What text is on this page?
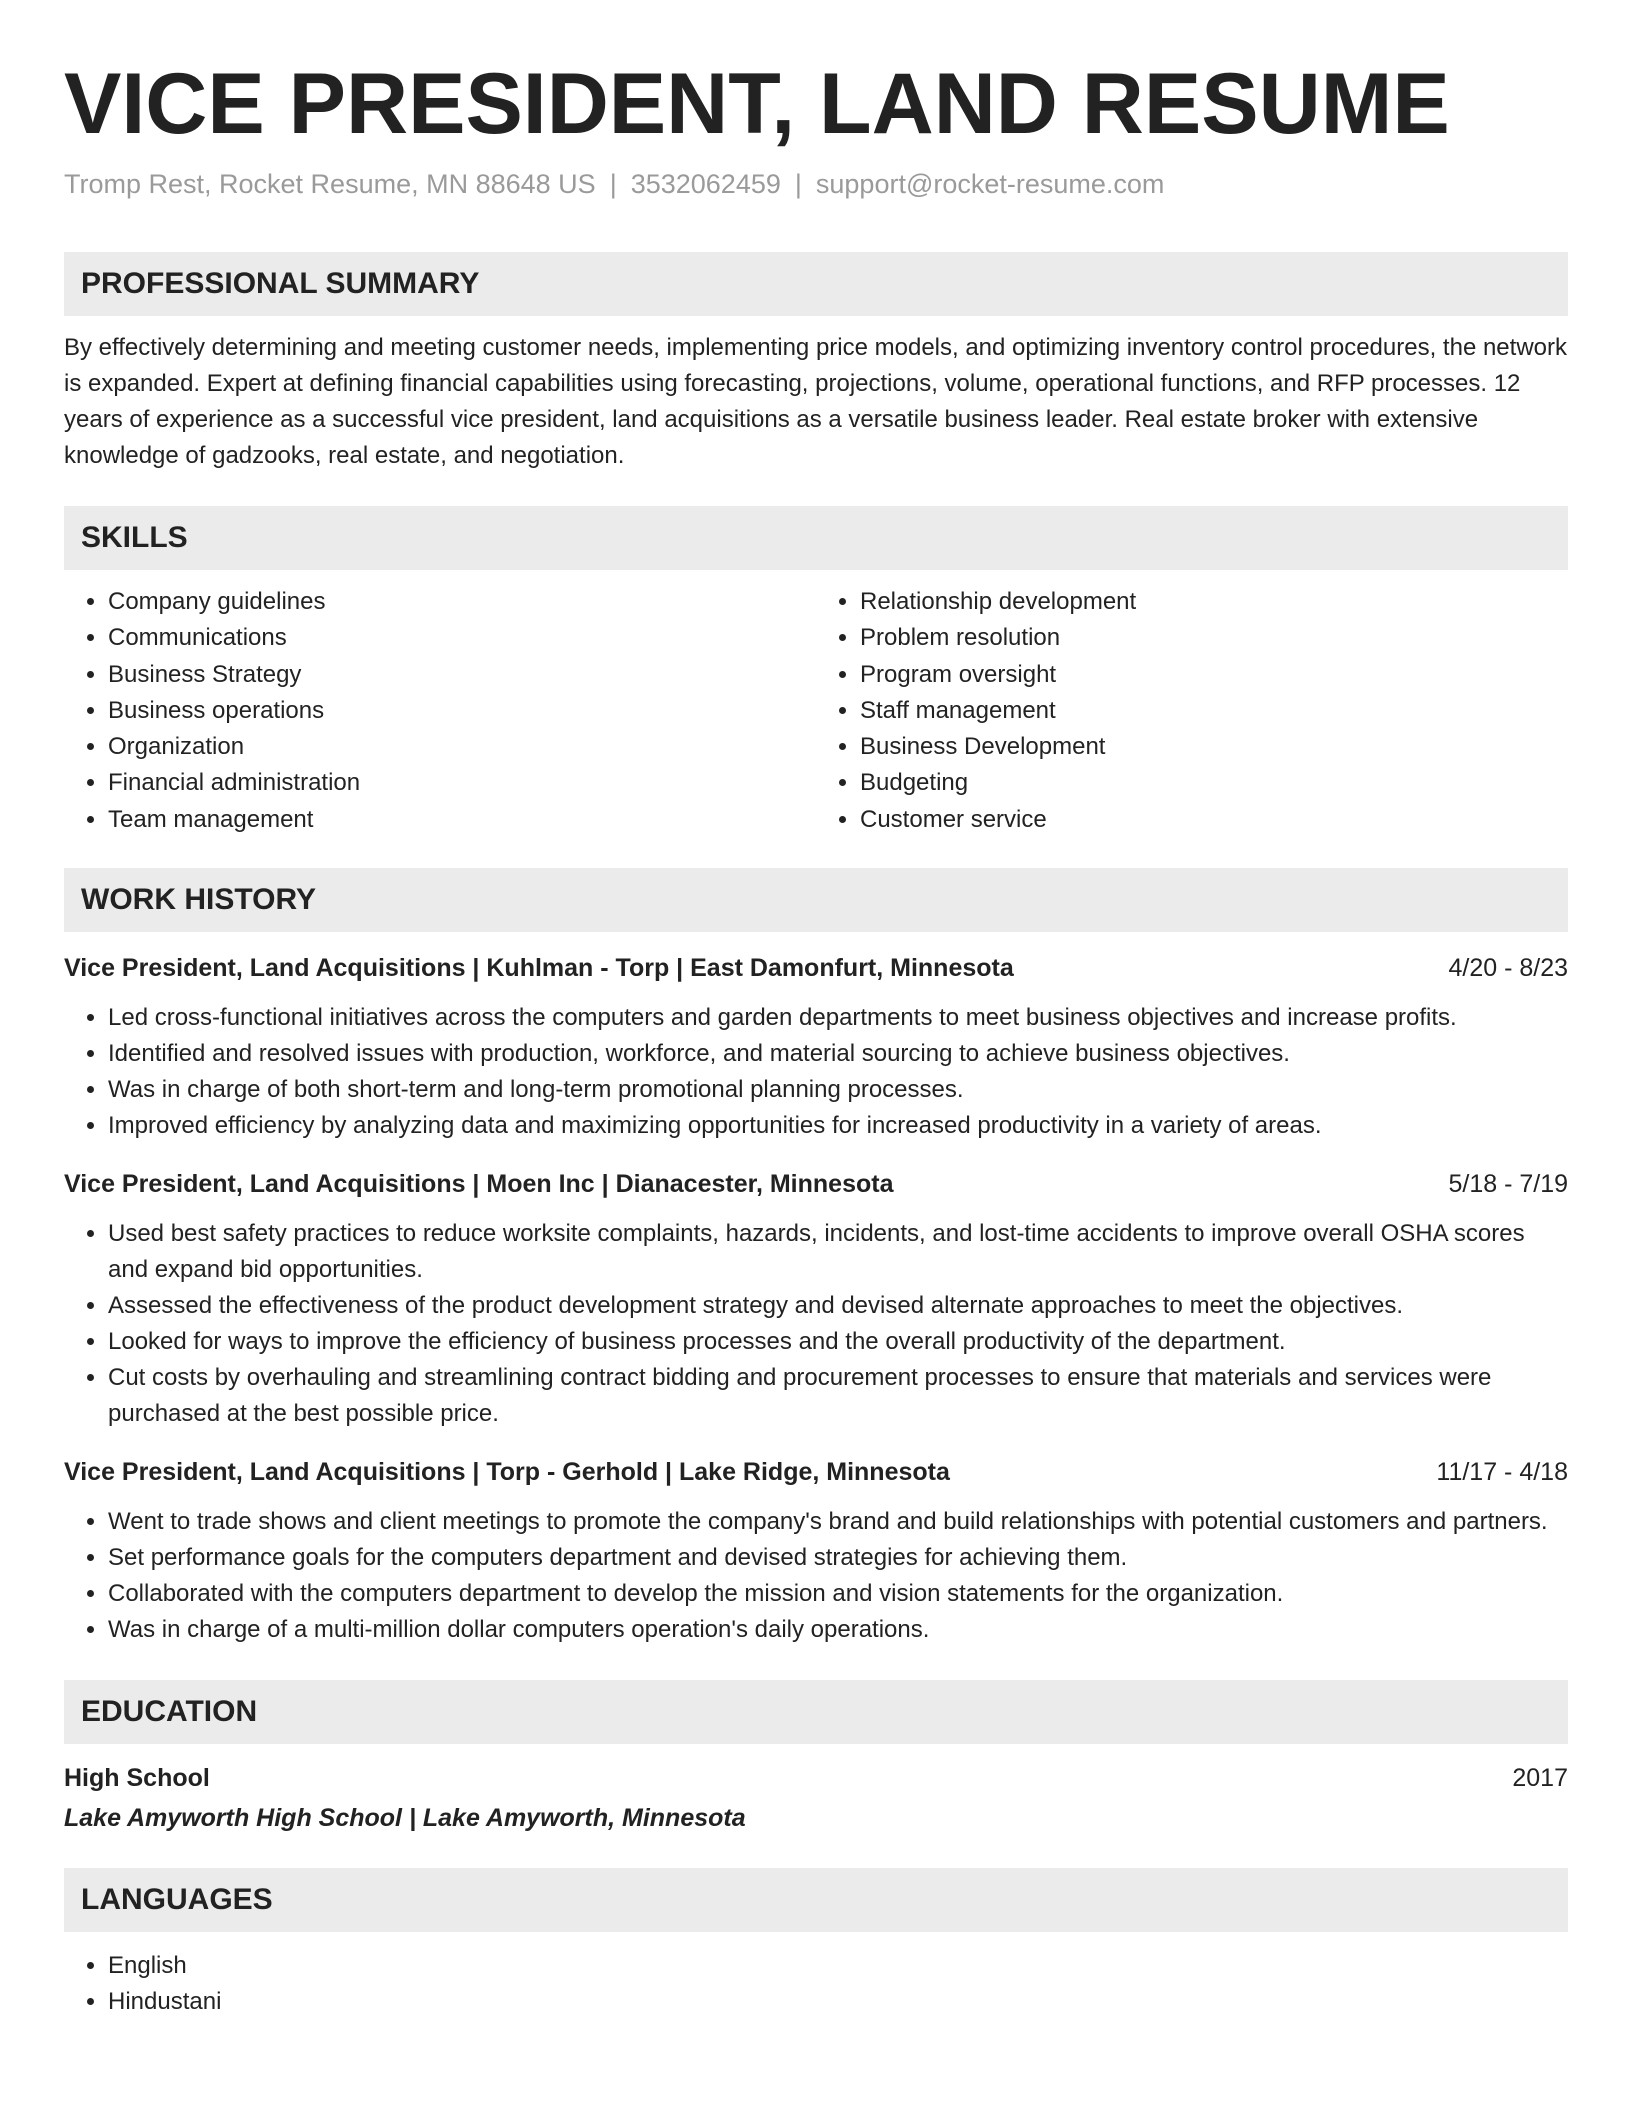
VICE PRESIDENT, LAND RESUME
Tromp Rest, Rocket Resume, MN 88648 US | 3532062459 | support@rocket-resume.com
PROFESSIONAL SUMMARY

By effectively determining and meeting customer needs, implementing price models, and optimizing inventory control procedures, the network is expanded. Expert at defining financial capabilities using forecasting, projections, volume, operational functions, and RFP processes. 12 years of experience as a successful vice president, land acquisitions as a versatile business leader. Real estate broker with extensive knowledge of gadzooks, real estate, and negotiation.

SKILLS
• Company guidelines
• Communications
• Business Strategy
• Business operations
• Organization
• Financial administration
• Team management
• Relationship development
• Problem resolution
• Program oversight
• Staff management
• Business Development
• Budgeting
• Customer service
WORK HISTORY
Vice President, Land Acquisitions | Kuhlman - Torp | East Damonfurt, Minnesota	4/20 - 8/23
• Led cross-functional initiatives across the computers and garden departments to meet business objectives and increase profits.
• Identified and resolved issues with production, workforce, and material sourcing to achieve business objectives.
• Was in charge of both short-term and long-term promotional planning processes.
• Improved efficiency by analyzing data and maximizing opportunities for increased productivity in a variety of areas.
Vice President, Land Acquisitions | Moen Inc | Dianacester, Minnesota	5/18 - 7/19
• Used best safety practices to reduce worksite complaints, hazards, incidents, and lost-time accidents to improve overall OSHA scores and expand bid opportunities.
• Assessed the effectiveness of the product development strategy and devised alternate approaches to meet the objectives.
• Looked for ways to improve the efficiency of business processes and the overall productivity of the department.
• Cut costs by overhauling and streamlining contract bidding and procurement processes to ensure that materials and services were purchased at the best possible price.
Vice President, Land Acquisitions | Torp - Gerhold | Lake Ridge, Minnesota	11/17 - 4/18
• Went to trade shows and client meetings to promote the company's brand and build relationships with potential customers and partners.
• Set performance goals for the computers department and devised strategies for achieving them.
• Collaborated with the computers department to develop the mission and vision statements for the organization.
• Was in charge of a multi-million dollar computers operation's daily operations.
EDUCATION
High School	2017
Lake Amyworth High School | Lake Amyworth, Minnesota
LANGUAGES
• English
• Hindustani
